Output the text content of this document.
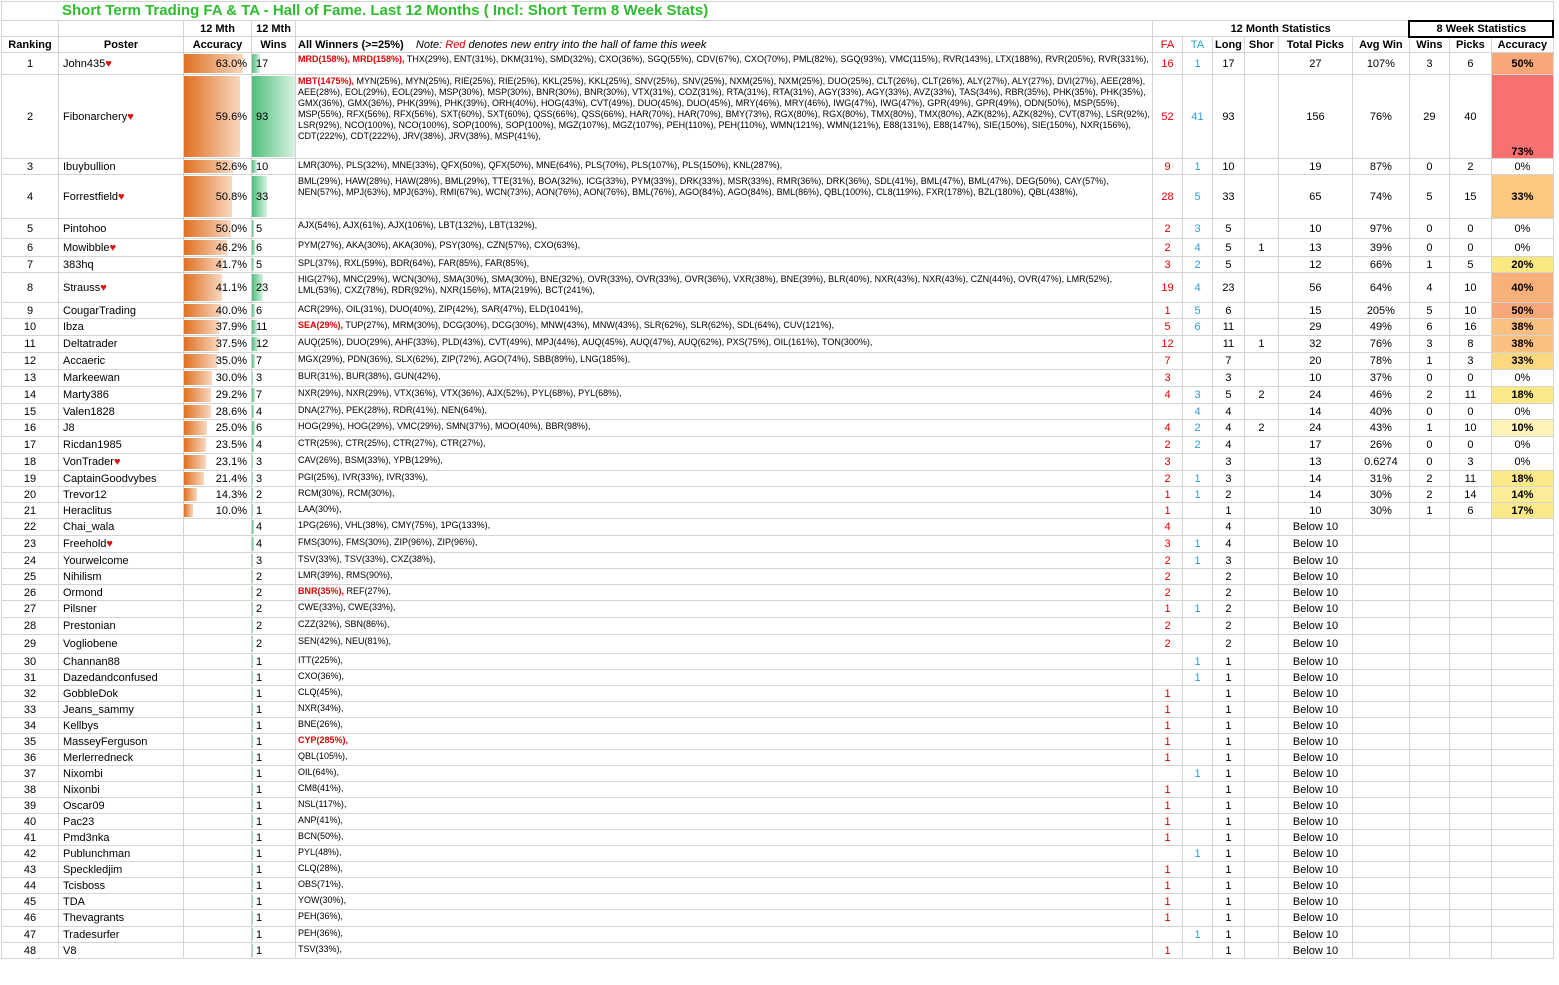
Short Term Trading FA & TA - Hall of Fame. Last 12 Months ( Incl: Short Term 8 Week Stats)													
		12 Mth	12 Mth		12 Month Statistics						8 Week Statistics		
Ranking	Poster	Accuracy	Wins	All Winners (>=25%) Note: Red denotes new entry into the hall of fame this week	FA	TA	Long	Shor	Total Picks	Avg Win	Wins	Picks	Accuracy
1	John435♥	63.0%	17	MRD(158%), MRD(158%), THX(29%), ENT(31%), DKM(31%), SMD(32%), CXO(36%), SGQ(55%), CDV(67%), CXO(70%), PML(82%), SGQ(93%), VMC(115%), RVR(143%), LTX(188%), RVR(205%), RVR(331%),	16	1	17		27	107%	3	6	50%
2	Fibonarchery♥	59.6%	93	MBT(1475%), MYN(25%), MYN(25%), RIE(25%), RIE(25%), KKL(25%), KKL(25%), SNV(25%), SNV(25%), NXM(25%), NXM(25%), DUO(25%), CLT(26%), CLT(26%), ALY(27%), ALY(27%), DVI(27%), AEE(28%), AEE(28%), EOL(29%), EOL(29%), MSP(30%), MSP(30%), BNR(30%), BNR(30%), VTX(31%), COZ(31%), RTA(31%), RTA(31%), AGY(33%), AGY(33%), AVZ(33%), TAS(34%), RBR(35%), PHK(35%), PHK(35%), GMX(36%), GMX(36%), PHK(39%), PHK(39%), ORH(40%), HOG(43%), CVT(49%), DUO(45%), DUO(45%), MRY(46%), MRY(46%), IWG(47%), IWG(47%), GPR(49%), GPR(49%), ODN(50%), MSP(55%), MSP(55%), RFX(56%), RFX(56%), SXT(60%), SXT(60%), QSS(66%), QSS(66%), HAR(70%), HAR(70%), BMY(73%), RGX(80%), RGX(80%), TMX(80%), TMX(80%), AZK(82%), AZK(82%), CVT(87%), LSR(92%), LSR(92%), NCO(100%), NCO(100%), SOP(100%), SOP(100%), MGZ(107%), MGZ(107%), PEH(110%), PEH(110%), WMN(121%), WMN(121%), E88(131%), E88(147%), SIE(150%), SIE(150%), NXR(156%), CDT(222%), CDT(222%), JRV(38%), JRV(38%), MSP(41%),	52	41	93		156	76%	29	40	73%
3	Ibuybullion	52.6%	10	LMR(30%), PLS(32%), MNE(33%), QFX(50%), QFX(50%), MNE(64%), PLS(70%), PLS(107%), PLS(150%), KNL(287%),	9	1	10		19	87%	0	2	0%
4	Forrestfield♥	50.8%	33	BML(29%), HAW(28%), HAW(28%), BML(29%), TTE(31%), BOA(32%), ICG(33%), PYM(33%), DRK(33%), MSR(33%), RMR(36%), DRK(36%), SDL(41%), BML(47%), BML(47%), DEG(50%), CAY(57%), NEN(57%), MPJ(63%), MPJ(63%), RMI(67%), WCN(73%), AON(76%), AON(76%), BML(76%), AGO(84%), AGO(84%), BML(86%), QBL(100%), CL8(119%), FXR(178%), BZL(180%), QBL(438%),	28	5	33		65	74%	5	15	33%
5	Pintohoo	50.0%	5	AJX(54%), AJX(61%), AJX(106%), LBT(132%), LBT(132%),	2	3	5		10	97%	0	0	0%
6	Mowibble♥	46.2%	6	PYM(27%), AKA(30%), AKA(30%), PSY(30%), CZN(57%), CXO(63%),	2	4	5	1	13	39%	0	0	0%
7	383hq	41.7%	5	SPL(37%), RXL(59%), BDR(64%), FAR(85%), FAR(85%),	3	2	5		12	66%	1	5	20%
8	Strauss♥	41.1%	23	HIG(27%), MNC(29%), WCN(30%), SMA(30%), SMA(30%), BNE(32%), OVR(33%), OVR(33%), OVR(36%), VXR(38%), BNE(39%), BLR(40%), NXR(43%), NXR(43%), CZN(44%), OVR(47%), LMR(52%), LML(53%), CXZ(78%), RDR(92%), NXR(156%), MTA(219%), BCT(241%),	19	4	23		56	64%	4	10	40%
9	CougarTrading	40.0%	6	ACR(29%), OIL(31%), DUO(40%), ZIP(42%), SAR(47%), ELD(1041%),	1	5	6		15	205%	5	10	50%
10	Ibza	37.9%	11	SEA(29%), TUP(27%), MRM(30%), DCG(30%), DCG(30%), MNW(43%), MNW(43%), SLR(62%), SLR(62%), SDL(64%), CUV(121%),	5	6	11		29	49%	6	16	38%
11	Deltatrader	37.5%	12	AUQ(25%), DUO(29%), AHF(33%), PLD(43%), CVT(49%), MPJ(44%), AUQ(45%), AUQ(47%), AUQ(62%), PXS(75%), OIL(161%), TON(300%),	12		11	1	32	76%	3	8	38%
12	Accaeric	35.0%	7	MGX(29%), PDN(36%), SLX(62%), ZIP(72%), AGO(74%), SBB(89%), LNG(185%),	7		7		20	78%	1	3	33%
13	Markeewan	30.0%	3	BUR(31%), BUR(38%), GUN(42%),	3		3		10	37%	0	0	0%
14	Marty386	29.2%	7	NXR(29%), NXR(29%), VTX(36%), VTX(36%), AJX(52%), PYL(68%), PYL(68%),	4	3	5	2	24	46%	2	11	18%
15	Valen1828	28.6%	4	DNA(27%), PEK(28%), RDR(41%), NEN(64%),		4	4		14	40%	0	0	0%
16	J8	25.0%	6	HOG(29%), HOG(29%), VMC(29%), SMN(37%), MOO(40%), BBR(98%),	4	2	4	2	24	43%	1	10	10%
17	Ricdan1985	23.5%	4	CTR(25%), CTR(25%), CTR(27%), CTR(27%),	2	2	4		17	26%	0	0	0%
18	VonTrader♥	23.1%	3	CAV(26%), BSM(33%), YPB(129%),	3		3		13	0.6274	0	3	0%
19	CaptainGoodvybes	21.4%	3	PGI(25%), IVR(33%), IVR(33%),	2	1	3		14	31%	2	11	18%
20	Trevor12	14.3%	2	RCM(30%), RCM(30%),	1	1	2		14	30%	2	14	14%
21	Heraclitus	10.0%	1	LAA(30%),	1		1		10	30%	1	6	17%
22	Chai_wala		4	1PG(26%), VHL(38%), CMY(75%), 1PG(133%),	4		4		Below 10				
23	Freehold♥		4	FMS(30%), FMS(30%), ZIP(96%), ZIP(96%),	3	1	4		Below 10				
24	Yourwelcome		3	TSV(33%), TSV(33%), CXZ(38%),	2	1	3		Below 10				
25	Nihilism		2	LMR(39%), RMS(90%),	2		2		Below 10				
26	Ormond		2	BNR(35%), REF(27%),	2		2		Below 10				
27	Pilsner		2	CWE(33%), CWE(33%),	1	1	2		Below 10				
28	Prestonian		2	CZZ(32%), SBN(86%),	2		2		Below 10				
29	Vogliobene		2	SEN(42%), NEU(81%),	2		2		Below 10				
30	Channan88		1	ITT(225%),		1	1		Below 10				
31	Dazedandconfused		1	CXO(36%),		1	1		Below 10				
32	GobbleDok		1	CLQ(45%),	1		1		Below 10				
33	Jeans_sammy		1	NXR(34%),	1		1		Below 10				
34	Kellbys		1	BNE(26%),	1		1		Below 10				
35	MasseyFerguson		1	CYP(285%),	1		1		Below 10				
36	Merlerredneck		1	QBL(105%),	1		1		Below 10				
37	Nixombi		1	OIL(64%),		1	1		Below 10				
38	Nixonbi		1	CM8(41%),	1		1		Below 10				
39	Oscar09		1	NSL(117%),	1		1		Below 10				
40	Pac23		1	ANP(41%),	1		1		Below 10				
41	Pmd3nka		1	BCN(50%),	1		1		Below 10				
42	Publunchman		1	PYL(48%),		1	1		Below 10				
43	Speckledjim		1	CLQ(28%),	1		1		Below 10				
44	Tcisboss		1	OBS(71%),	1		1		Below 10				
45	TDA		1	YOW(30%),	1		1		Below 10				
46	Thevagrants		1	PEH(36%),	1		1		Below 10				
47	Tradesurfer		1	PEH(36%),		1	1		Below 10				
48	V8		1	TSV(33%),	1		1		Below 10				
